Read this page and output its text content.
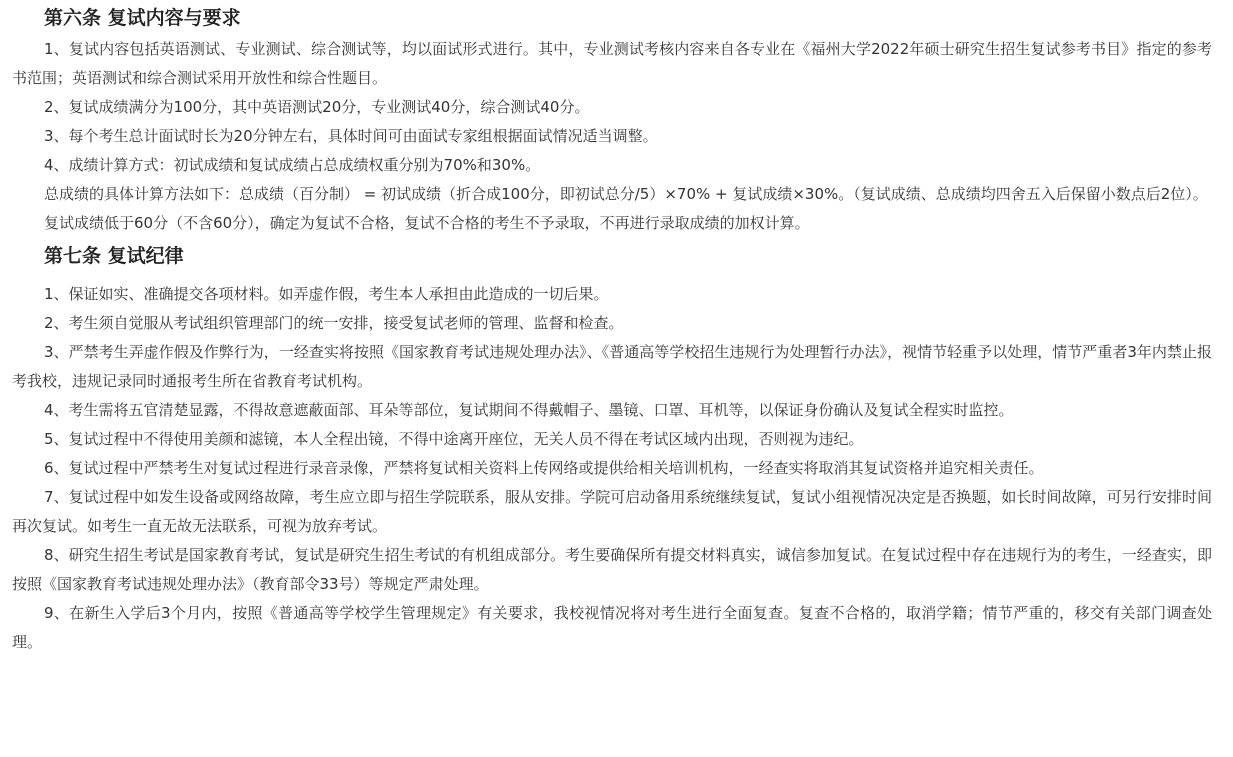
第六条 复试内容与要求

1、复试内容包括英语测试、专业测试、综合测试等，均以面试形式进行。其中，专业测试考核内容来自各专业在《福州大学2022年硕士研究生招生复试参考书目》指定的参考书范围；英语测试和综合测试采用开放性和综合性题目。

2、复试成绩满分为100分，其中英语测试20分，专业测试40分，综合测试40分。

3、每个考生总计面试时长为20分钟左右，具体时间可由面试专家组根据面试情况适当调整。

4、成绩计算方式：初试成绩和复试成绩占总成绩权重分别为70%和30%。

总成绩的具体计算方法如下：总成绩（百分制） = 初试成绩（折合成100分，即初试总分/5）×70% + 复试成绩×30%。（复试成绩、总成绩均四舍五入后保留小数点后2位）。

复试成绩低于60分（不含60分），确定为复试不合格，复试不合格的考生不予录取，不再进行录取成绩的加权计算。

第七条 复试纪律

1、保证如实、准确提交各项材料。如弄虚作假，考生本人承担由此造成的一切后果。

2、考生须自觉服从考试组织管理部门的统一安排，接受复试老师的管理、监督和检查。

3、严禁考生弄虚作假及作弊行为，一经查实将按照《国家教育考试违规处理办法》、《普通高等学校招生违规行为处理暂行办法》，视情节轻重予以处理，情节严重者3年内禁止报考我校，违规记录同时通报考生所在省教育考试机构。

4、考生需将五官清楚显露，不得故意遮蔽面部、耳朵等部位，复试期间不得戴帽子、墨镜、口罩、耳机等，以保证身份确认及复试全程实时监控。

5、复试过程中不得使用美颜和滤镜，本人全程出镜，不得中途离开座位，无关人员不得在考试区域内出现，否则视为违纪。

6、复试过程中严禁考生对复试过程进行录音录像，严禁将复试相关资料上传网络或提供给相关培训机构，一经查实将取消其复试资格并追究相关责任。

7、复试过程中如发生设备或网络故障，考生应立即与招生学院联系，服从安排。学院可启动备用系统继续复试，复试小组视情况决定是否换题，如长时间故障，可另行安排时间再次复试。如考生一直无故无法联系，可视为放弃考试。

8、研究生招生考试是国家教育考试，复试是研究生招生考试的有机组成部分。考生要确保所有提交材料真实，诚信参加复试。在复试过程中存在违规行为的考生，一经查实，即按照《国家教育考试违规处理办法》（教育部令33号）等规定严肃处理。

9、在新生入学后3个月内，按照《普通高等学校学生管理规定》有关要求，我校视情况将对考生进行全面复查。复查不合格的，取消学籍；情节严重的，移交有关部门调查处理。
